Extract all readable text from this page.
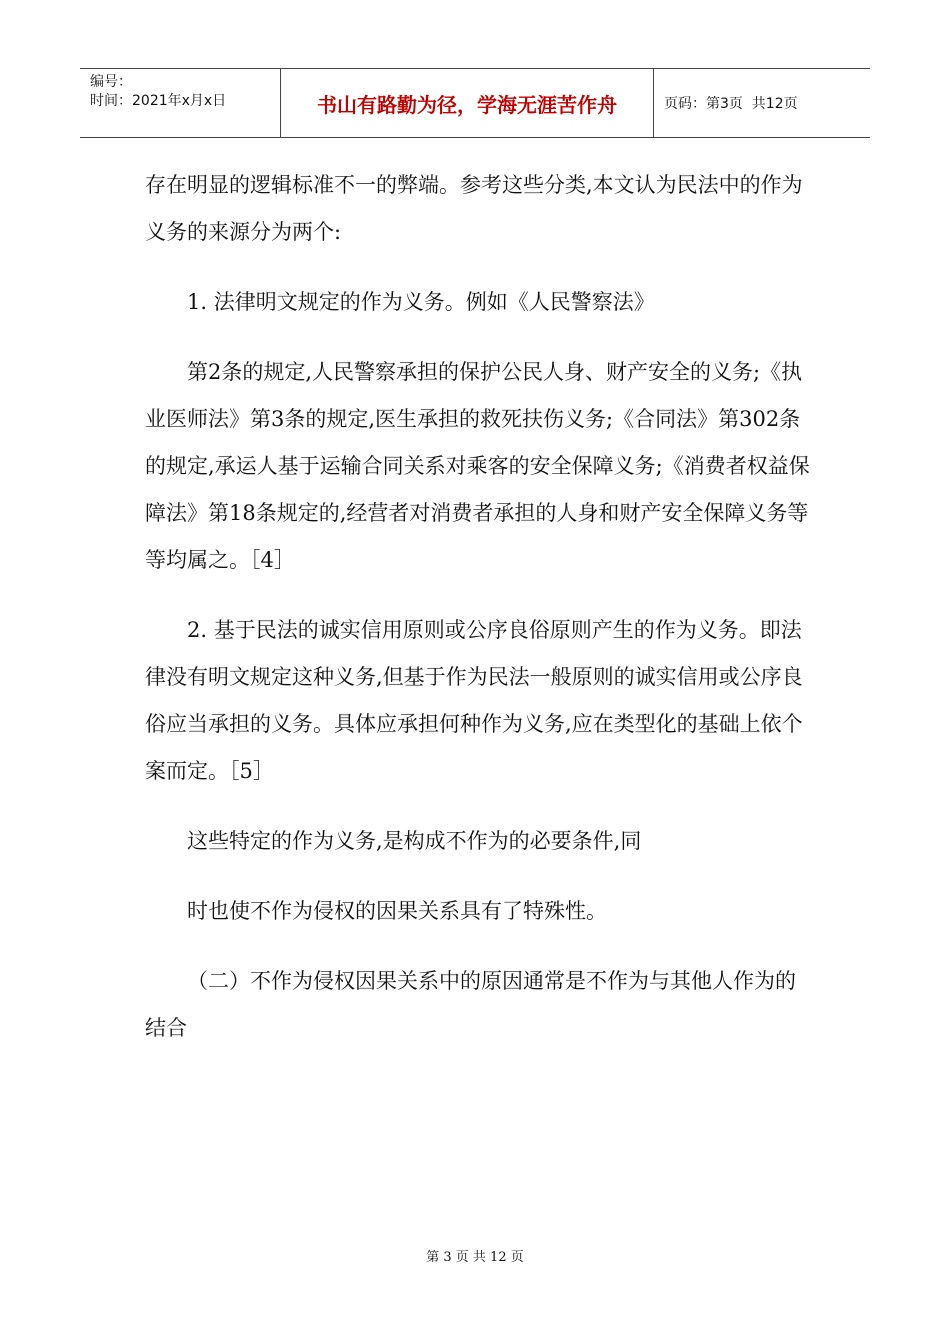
编号：
时间：2021年x月x日	书山有路勤为径，学海无涯苦作舟	页码：第3页  共12页

存在明显的逻辑标准不一的弊端。参考这些分类,本文认为民法中的作为义务的来源分为两个:

1. 法律明文规定的作为义务。例如《人民警察法》

第2条的规定,人民警察承担的保护公民人身、财产安全的义务;《执业医师法》第3条的规定,医生承担的救死扶伤义务;《合同法》第302条的规定,承运人基于运输合同关系对乘客的安全保障义务;《消费者权益保障法》第18条规定的,经营者对消费者承担的人身和财产安全保障义务等等均属之。［4］

2. 基于民法的诚实信用原则或公序良俗原则产生的作为义务。即法律没有明文规定这种义务,但基于作为民法一般原则的诚实信用或公序良俗应当承担的义务。具体应承担何种作为义务,应在类型化的基础上依个案而定。［5］

这些特定的作为义务,是构成不作为的必要条件,同

时也使不作为侵权的因果关系具有了特殊性。

（二）不作为侵权因果关系中的原因通常是不作为与其他人作为的结合

第 3 页 共 12 页
